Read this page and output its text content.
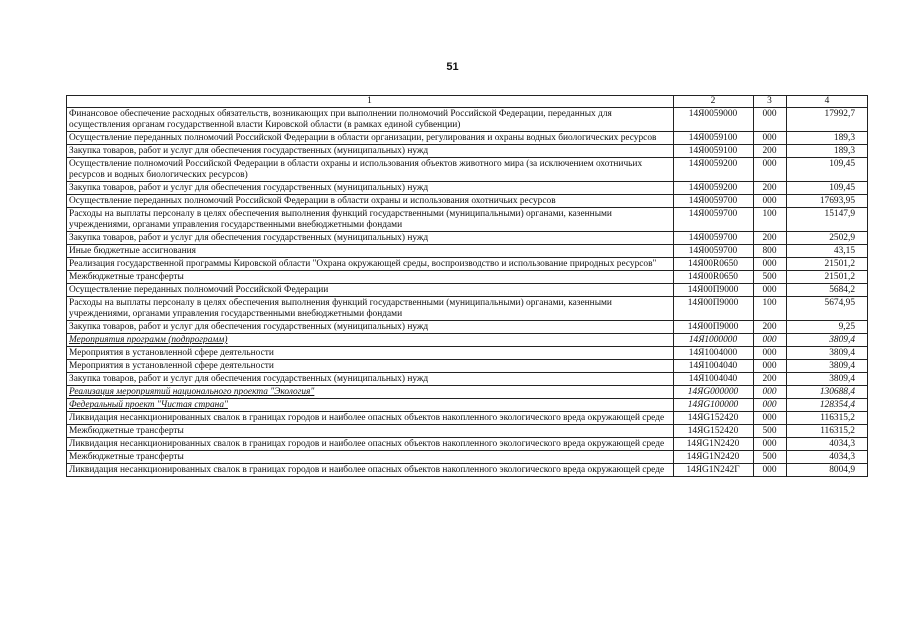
51
1	2	3	4
Финансовое обеспечение расходных обязательств, возникающих при выполнении полномочий Российской Федерации, переданных для осуществления органам государственной власти Кировской области (в рамках единой субвенции)	14Я0059000	000	17992,7
Осуществление переданных полномочий Российской Федерации в области организации, регулирования и охраны водных биологических ресурсов	14Я0059100	000	189,3
Закупка товаров, работ и услуг для обеспечения государственных (муниципальных) нужд	14Я0059100	200	189,3
Осуществление полномочий Российской Федерации в области охраны и использования объектов животного мира (за исключением охотничьих ресурсов и водных биологических ресурсов)	14Я0059200	000	109,45
Закупка товаров, работ и услуг для обеспечения государственных (муниципальных) нужд	14Я0059200	200	109,45
Осуществление переданных полномочий Российской Федерации в области охраны и использования охотничьих ресурсов	14Я0059700	000	17693,95
Расходы на выплаты персоналу в целях обеспечения выполнения функций государственными (муниципальными) органами, казенными учреждениями, органами управления государственными внебюджетными фондами	14Я0059700	100	15147,9
Закупка товаров, работ и услуг для обеспечения государственных (муниципальных) нужд	14Я0059700	200	2502,9
Иные бюджетные ассигнования	14Я0059700	800	43,15
Реализация государственной программы Кировской области "Охрана окружающей среды, воспроизводство и использование природных ресурсов"	14Я00R0650	000	21501,2
Межбюджетные трансферты	14Я00R0650	500	21501,2
Осуществление переданных полномочий Российской Федерации	14Я00П9000	000	5684,2
Расходы на выплаты персоналу в целях обеспечения выполнения функций государственными (муниципальными) органами, казенными учреждениями, органами управления государственными внебюджетными фондами	14Я00П9000	100	5674,95
Закупка товаров, работ и услуг для обеспечения государственных (муниципальных) нужд	14Я00П9000	200	9,25
Мероприятия программ (подпрограмм)	14Я1000000	000	3809,4
Мероприятия в установленной сфере деятельности	14Я1004000	000	3809,4
Мероприятия в установленной сфере деятельности	14Я1004040	000	3809,4
Закупка товаров, работ и услуг для обеспечения государственных (муниципальных) нужд	14Я1004040	200	3809,4
Реализация мероприятий национального проекта "Экология"	14ЯG000000	000	130688,4
Федеральный проект "Чистая страна"	14ЯG100000	000	128354,4
Ликвидация несанкционированных свалок в границах городов и наиболее опасных объектов накопленного экологического вреда окружающей среде	14ЯG152420	000	116315,2
Межбюджетные трансферты	14ЯG152420	500	116315,2
Ликвидация несанкционированных свалок в границах городов и наиболее опасных объектов накопленного экологического вреда окружающей среде	14ЯG1N2420	000	4034,3
Межбюджетные трансферты	14ЯG1N2420	500	4034,3
Ликвидация несанкционированных свалок в границах городов и наиболее опасных объектов накопленного экологического вреда окружающей среде	14ЯG1N242Г	000	8004,9
